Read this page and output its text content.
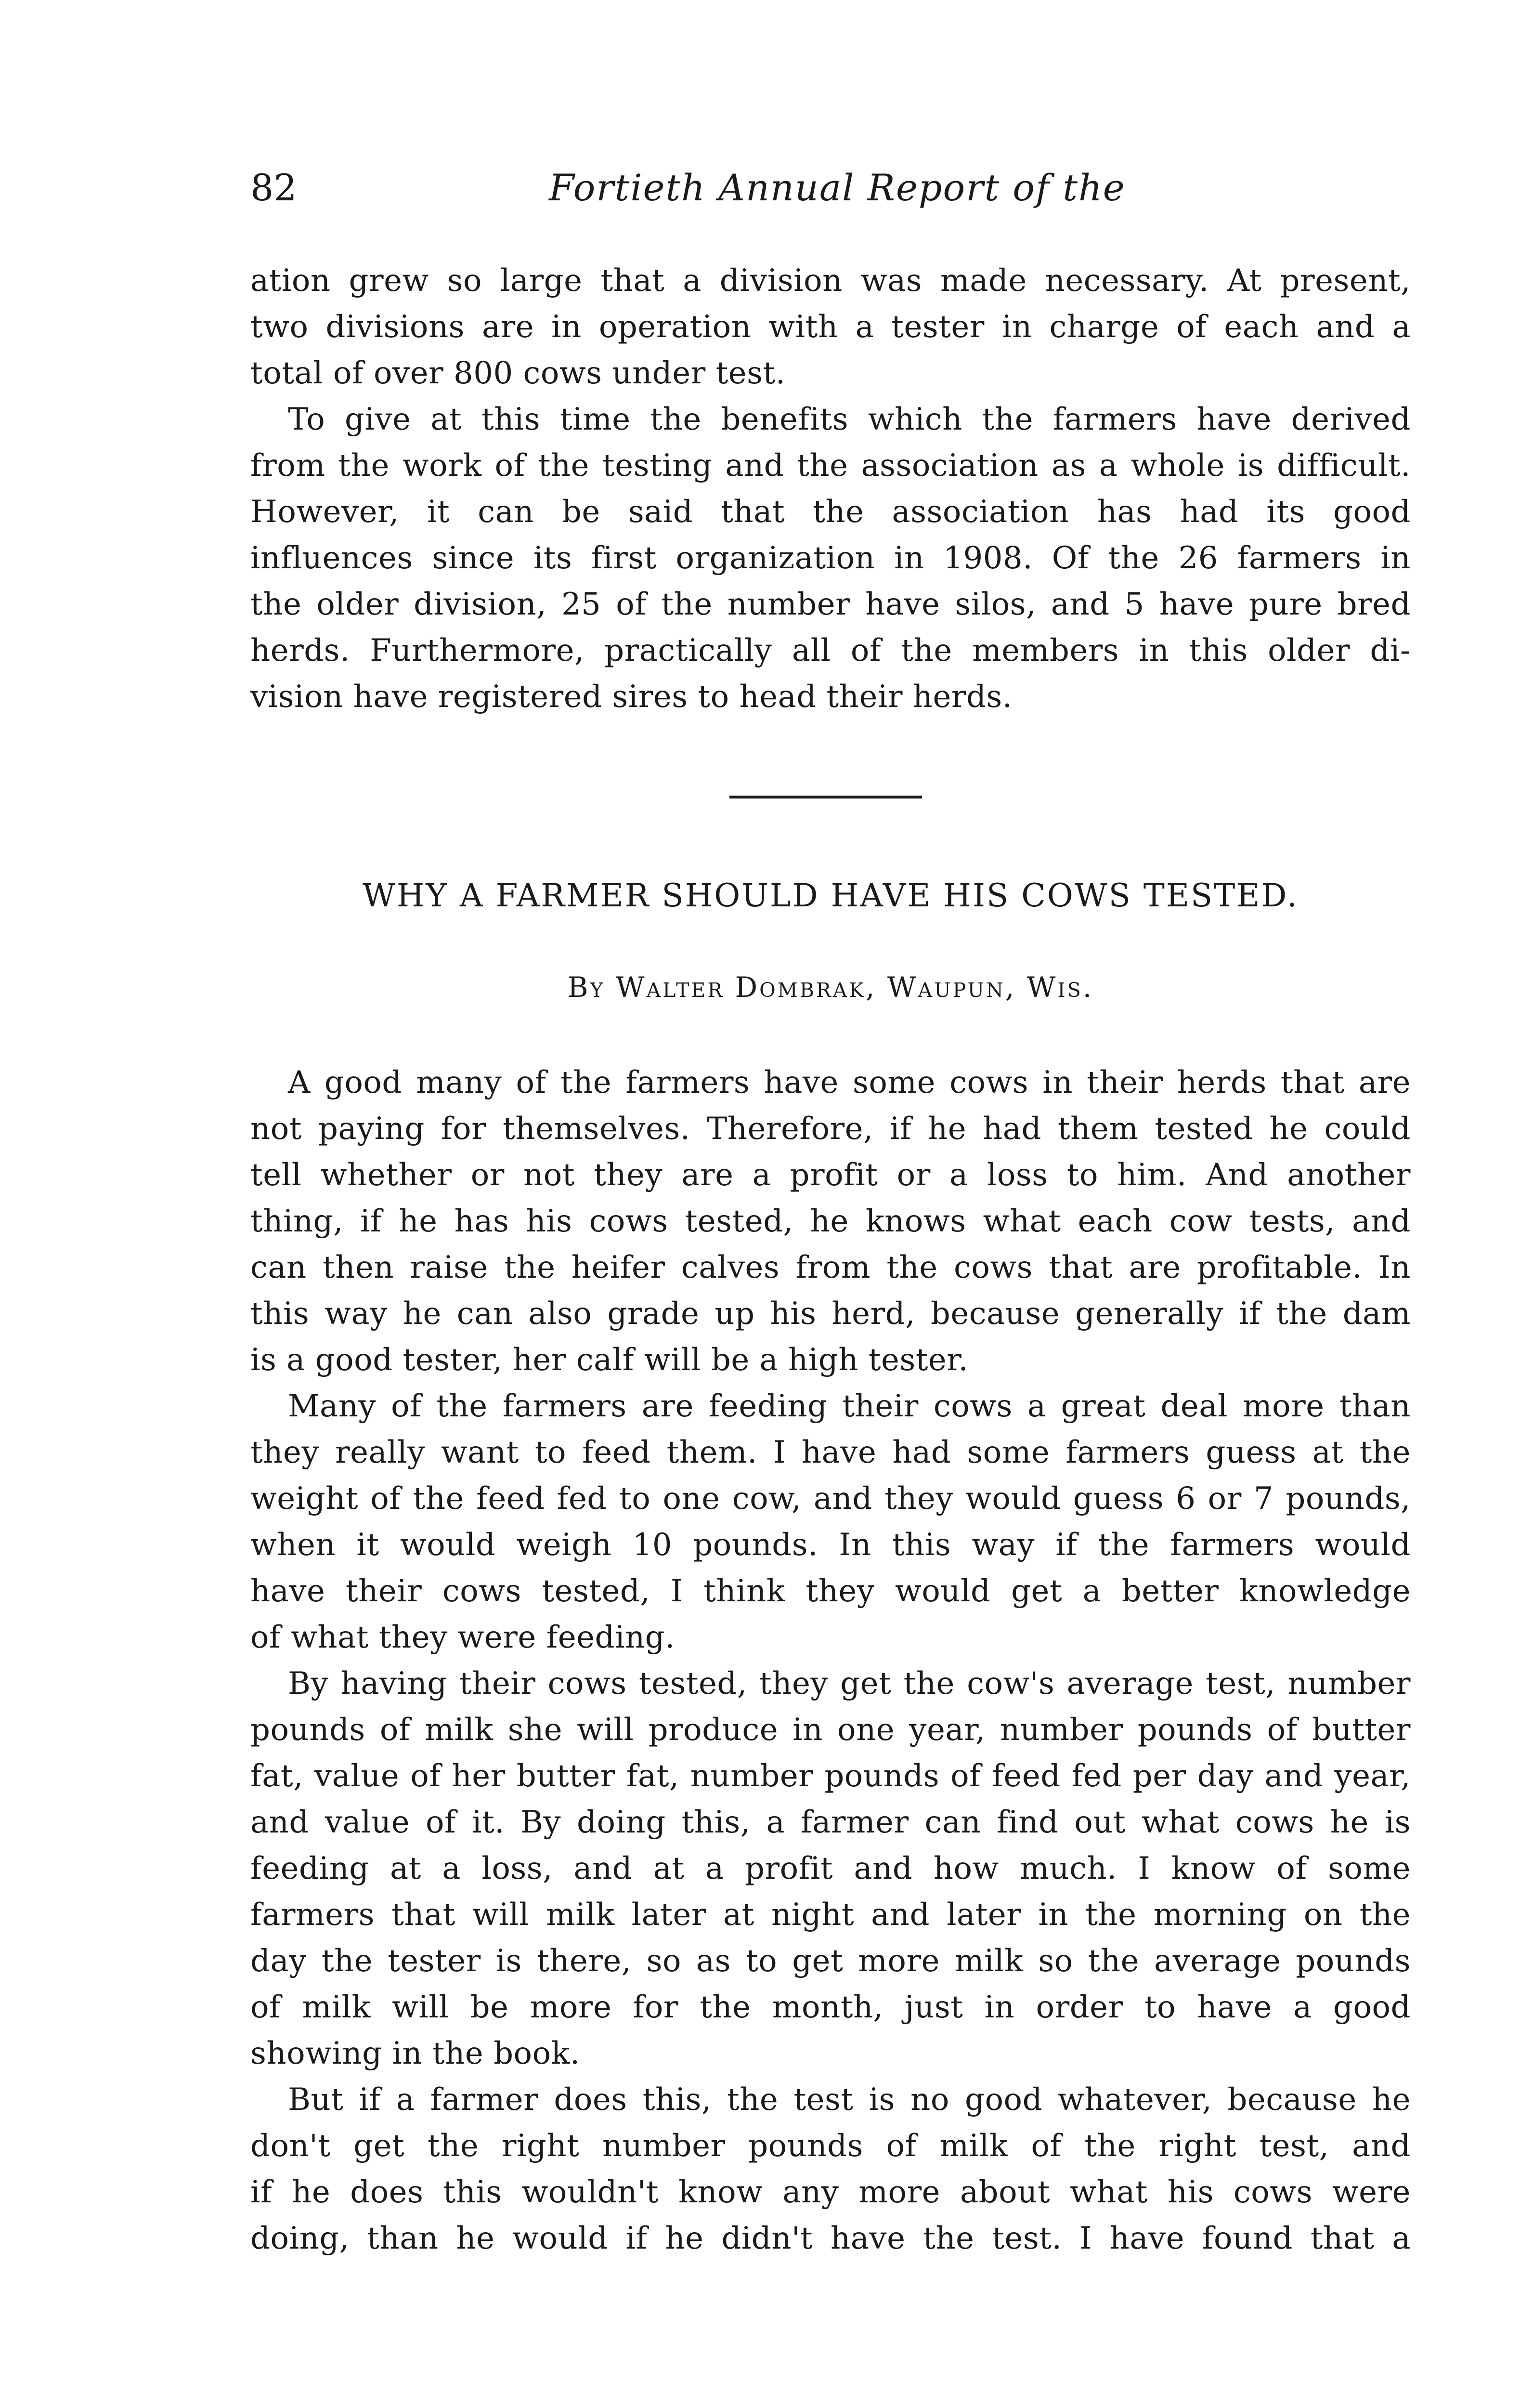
82	Fortieth Annual Report of the
ation grew so large that a division was made necessary. At present,
two divisions are in operation with a tester in charge of each and a
total of over 800 cows under test.
To give at this time the benefits which the farmers have derived
from the work of the testing and the association as a whole is difficult.
However, it can be said that the association has had its good
influences since its first organization in 1908. Of the 26 farmers in
the older division, 25 of the number have silos, and 5 have pure bred
herds. Furthermore, practically all of the members in this older di-
vision have registered sires to head their herds.
WHY A FARMER SHOULD HAVE HIS COWS TESTED.
By Walter Dombrak, Waupun, Wis.
A good many of the farmers have some cows in their herds that are
not paying for themselves. Therefore, if he had them tested he could
tell whether or not they are a profit or a loss to him. And another
thing, if he has his cows tested, he knows what each cow tests, and
can then raise the heifer calves from the cows that are profitable. In
this way he can also grade up his herd, because generally if the dam
is a good tester, her calf will be a high tester.
Many of the farmers are feeding their cows a great deal more than
they really want to feed them. I have had some farmers guess at the
weight of the feed fed to one cow, and they would guess 6 or 7 pounds,
when it would weigh 10 pounds. In this way if the farmers would
have their cows tested, I think they would get a better knowledge
of what they were feeding.
By having their cows tested, they get the cow's average test, number
pounds of milk she will produce in one year, number pounds of butter
fat, value of her butter fat, number pounds of feed fed per day and year,
and value of it. By doing this, a farmer can find out what cows he is
feeding at a loss, and at a profit and how much. I know of some
farmers that will milk later at night and later in the morning on the
day the tester is there, so as to get more milk so the average pounds
of milk will be more for the month, just in order to have a good
showing in the book.
But if a farmer does this, the test is no good whatever, because he
don't get the right number pounds of milk of the right test, and
if he does this wouldn't know any more about what his cows were
doing, than he would if he didn't have the test. I have found that a
